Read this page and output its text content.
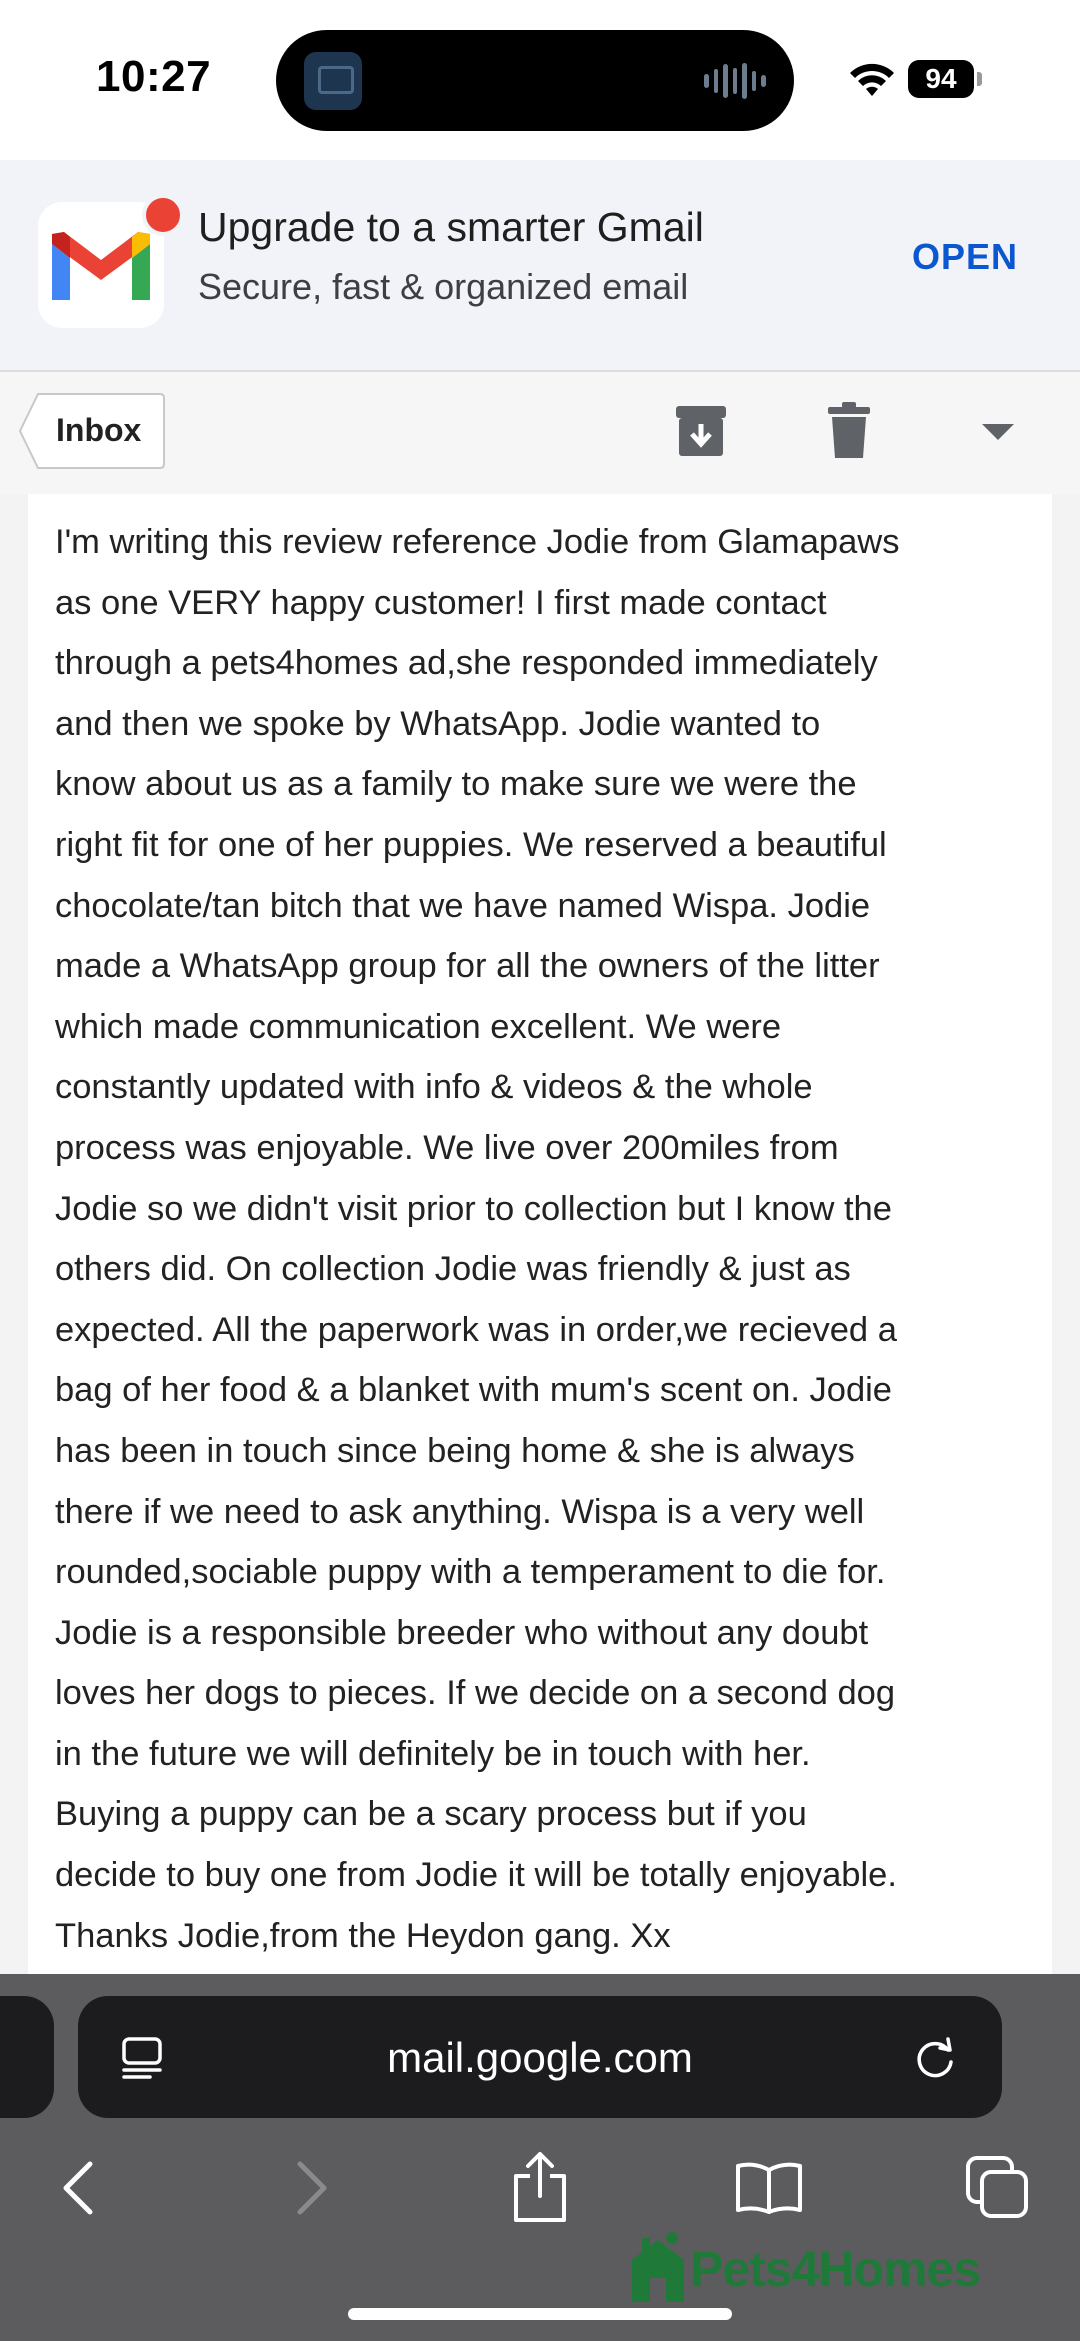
10:27	94
Upgrade to a smarter Gmail
Secure, fast & organized email
OPEN
Inbox
I'm writing this review reference Jodie from Glamapaws
as one VERY happy customer! I first made contact
through a pets4homes ad,she responded immediately
and then we spoke by WhatsApp. Jodie wanted to
know about us as a family to make sure we were the
right fit for one of her puppies. We reserved a beautiful
chocolate/tan bitch that we have named Wispa. Jodie
made a WhatsApp group for all the owners of the litter
which made communication excellent. We were
constantly updated with info & videos & the whole
process was enjoyable. We live over 200miles from
Jodie so we didn't visit prior to collection but I know the
others did. On collection Jodie was friendly & just as
expected. All the paperwork was in order,we recieved a
bag of her food & a blanket with mum's scent on. Jodie
has been in touch since being home & she is always
there if we need to ask anything. Wispa is a very well
rounded,sociable puppy with a temperament to die for.
Jodie is a responsible breeder who without any doubt
loves her dogs to pieces. If we decide on a second dog
in the future we will definitely be in touch with her.
Buying a puppy can be a scary process but if you
decide to buy one from Jodie it will be totally enjoyable.
Thanks Jodie,from the Heydon gang. Xx
mail.google.com
Pets4Homes
